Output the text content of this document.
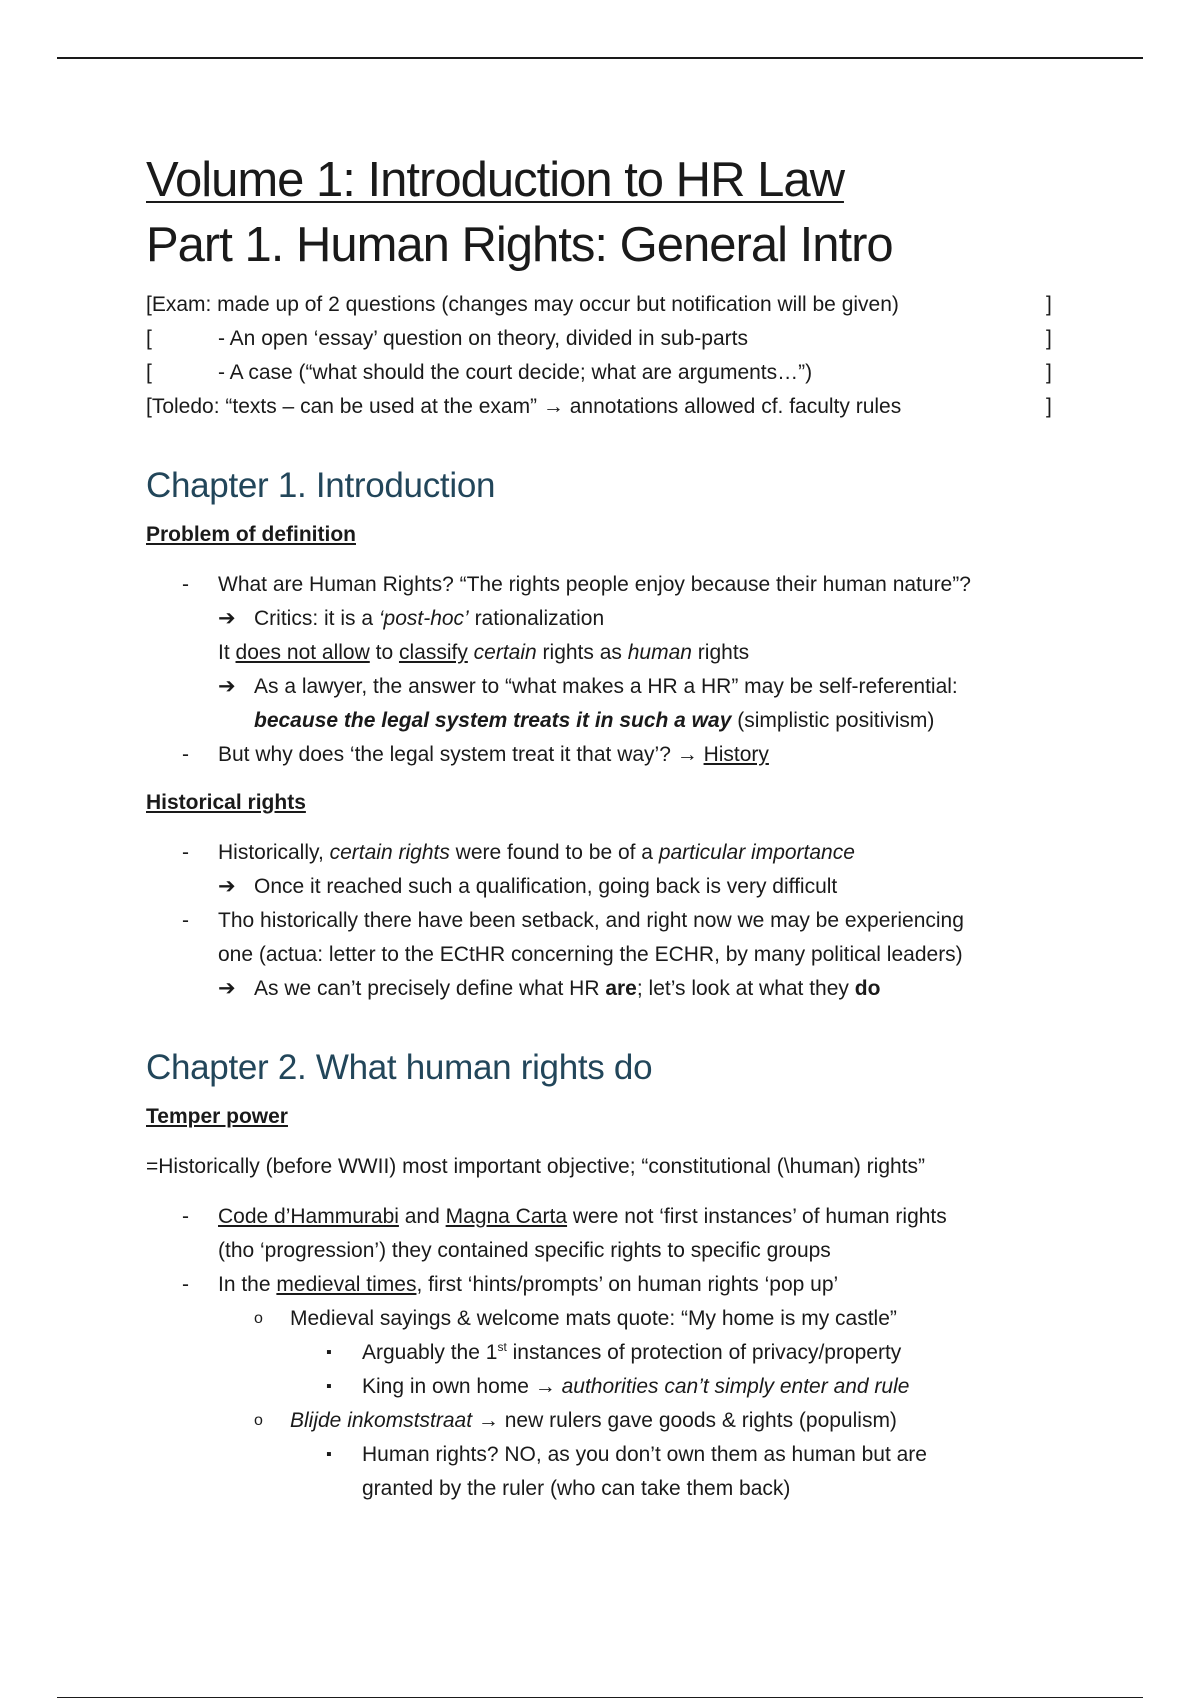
Volume 1: Introduction to HR Law
Part 1. Human Rights: General Intro
[Exam: made up of 2 questions (changes may occur but notification will be given)	]
[	- An open ‘essay’ question on theory, divided in sub-parts	]
[	- A case (“what should the court decide; what are arguments…”)	]
[Toledo: “texts – can be used at the exam” → annotations allowed cf. faculty rules	]
Chapter 1. Introduction
Problem of definition
- What are Human Rights? “The rights people enjoy because their human nature”?
➔ Critics: it is a ‘post-hoc’ rationalization
It does not allow to classify certain rights as human rights
➔ As a lawyer, the answer to “what makes a HR a HR” may be self-referential:
because the legal system treats it in such a way (simplistic positivism)
- But why does ‘the legal system treat it that way’? → History
Historical rights
- Historically, certain rights were found to be of a particular importance
➔ Once it reached such a qualification, going back is very difficult
- Tho historically there have been setback, and right now we may be experiencing
one (actua: letter to the ECtHR concerning the ECHR, by many political leaders)
➔ As we can’t precisely define what HR are; let’s look at what they do
Chapter 2. What human rights do
Temper power
=Historically (before WWII) most important objective; “constitutional (\human) rights”
- Code d’Hammurabi and Magna Carta were not ‘first instances’ of human rights
(tho ‘progression’) they contained specific rights to specific groups
- In the medieval times, first ‘hints/prompts’ on human rights ‘pop up’
o Medieval sayings & welcome mats quote: “My home is my castle”
▪ Arguably the 1st instances of protection of privacy/property
▪ King in own home → authorities can’t simply enter and rule
o Blijde inkomststraat → new rulers gave goods & rights (populism)
▪ Human rights? NO, as you don’t own them as human but are
granted by the ruler (who can take them back)
